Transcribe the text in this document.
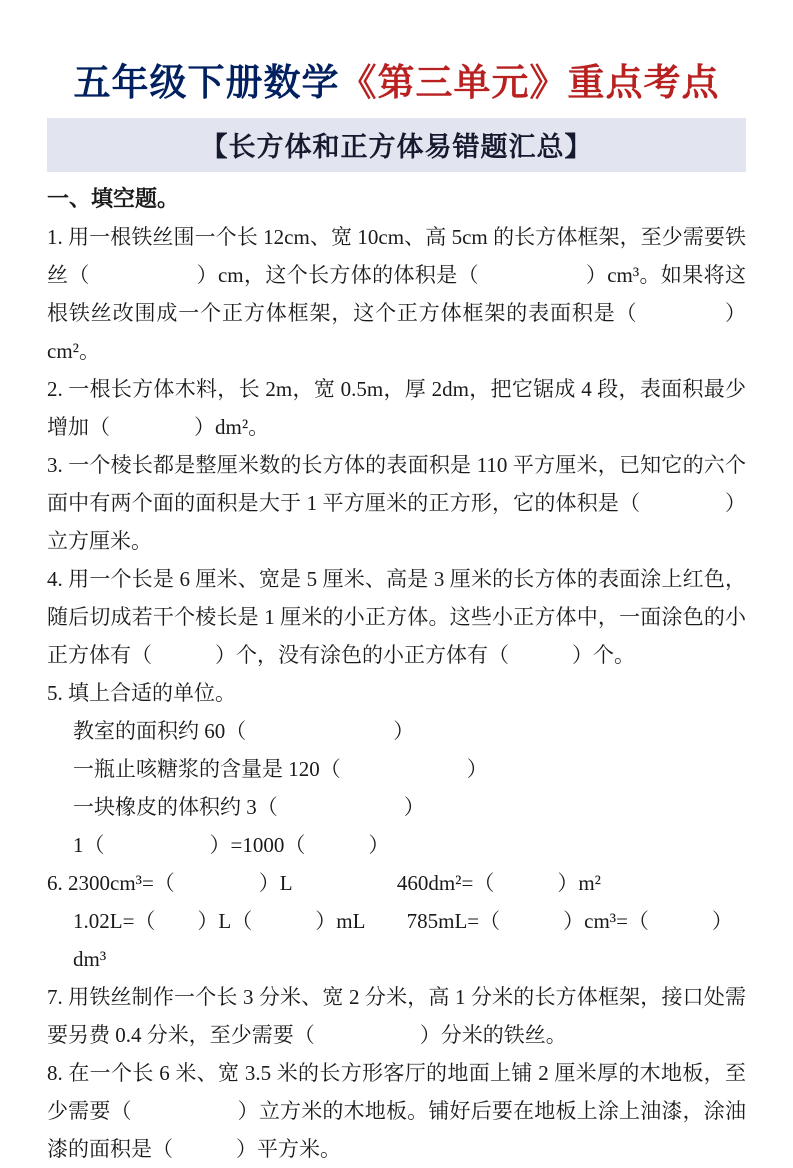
五年级下册数学《第三单元》重点考点
【长方体和正方体易错题汇总】

一、填空题。

1. 用一根铁丝围一个长 12cm、宽 10cm、高 5cm 的长方体框架，至少需要铁丝（　　　　　）cm，这个长方体的体积是（　　　　　）cm³。如果将这根铁丝改围成一个正方体框架，这个正方体框架的表面积是（　　　　）cm²。

2. 一根长方体木料，长 2m，宽 0.5m，厚 2dm，把它锯成 4 段，表面积最少增加（　　　　）dm²。

3. 一个棱长都是整厘米数的长方体的表面积是 110 平方厘米，已知它的六个面中有两个面的面积是大于 1 平方厘米的正方形，它的体积是（　　　　）立方厘米。

4. 用一个长是 6 厘米、宽是 5 厘米、高是 3 厘米的长方体的表面涂上红色，随后切成若干个棱长是 1 厘米的小正方体。这些小正方体中，一面涂色的小正方体有（　　　）个，没有涂色的小正方体有（　　　）个。

5. 填上合适的单位。

教室的面积约 60（　　　　　　　）

一瓶止咳糖浆的含量是 120（　　　　　　）

一块橡皮的体积约 3（　　　　　　）

1（　　　　　）=1000（　　　）

6. 2300cm³=（　　　　）L　　　　　460dm²=（　　　）m²

1.02L=（　　）L（　　　）mL　　785mL=（　　　）cm³=（　　　）dm³

7. 用铁丝制作一个长 3 分米、宽 2 分米，高 1 分米的长方体框架，接口处需要另费 0.4 分米，至少需要（　　　　　）分米的铁丝。

8. 在一个长 6 米、宽 3.5 米的长方形客厅的地面上铺 2 厘米厚的木地板，至少需要（　　　　　）立方米的木地板。铺好后要在地板上涂上油漆，涂油漆的面积是（　　　）平方米。
